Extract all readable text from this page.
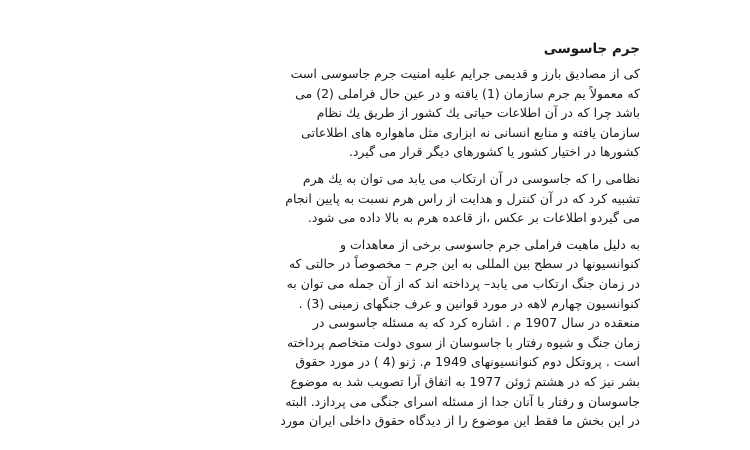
جرم جاسوسی

کی از مصادیق بارز و قدیمی جرایم علیه امنیت جرم جاسوسی است
که معمولاً یم جرم سازمان (1) یافته و در عین حال فراملی (2) می
باشد چرا که در آن اطلاعات حیاتی یك کشور از طریق یك نظام
سازمان یافته و منابع انسانی نه ابزاری مثل ماهواره های اطلاعاتی
کشورها در اختیار کشور یا کشورهای دیگر قرار می گیرد.

نظامی را که جاسوسی در آن ارتکاب می یابد می توان به یك هرم
تشبیه کرد که در آن کنترل و هدایت از راس هرم نسبت به پایین انجام
می گیردو اطلاعات بر عکس ،از قاعده هرم به بالا داده می شود.

به دلیل ماهیت فراملی جرم جاسوسی برخی از معاهدات و
کنوانسیونها در سطح بین المللی به این جرم – مخصوصاً در حالتی که
در زمان جنگ ارتکاب می یابد– پرداخته اند که از آن جمله می توان به
کنوانسیون چهارم لاهه در مورد قوانین و عرف جنگهای زمینی (3) .
منعقده در سال 1907 م . اشاره کرد که به مسئله جاسوسی در
زمان جنگ و شیوه رفتار با جاسوسان از سوی دولت متخاصم پرداخته
است . پروتکل دوم کنوانسیونهای 1949 م. ژنو (4 ) در مورد حقوق
بشر نیز که در هشتم ژوئن 1977 به اتفاق آرا تصویب شد به موضوع
جاسوسان و رفتار با آنان جدا از مسئله اسرای جنگی می پردازد. البته
در این بخش ما فقط این موضوع را از دیدگاه حقوق داخلی ایران مورد
